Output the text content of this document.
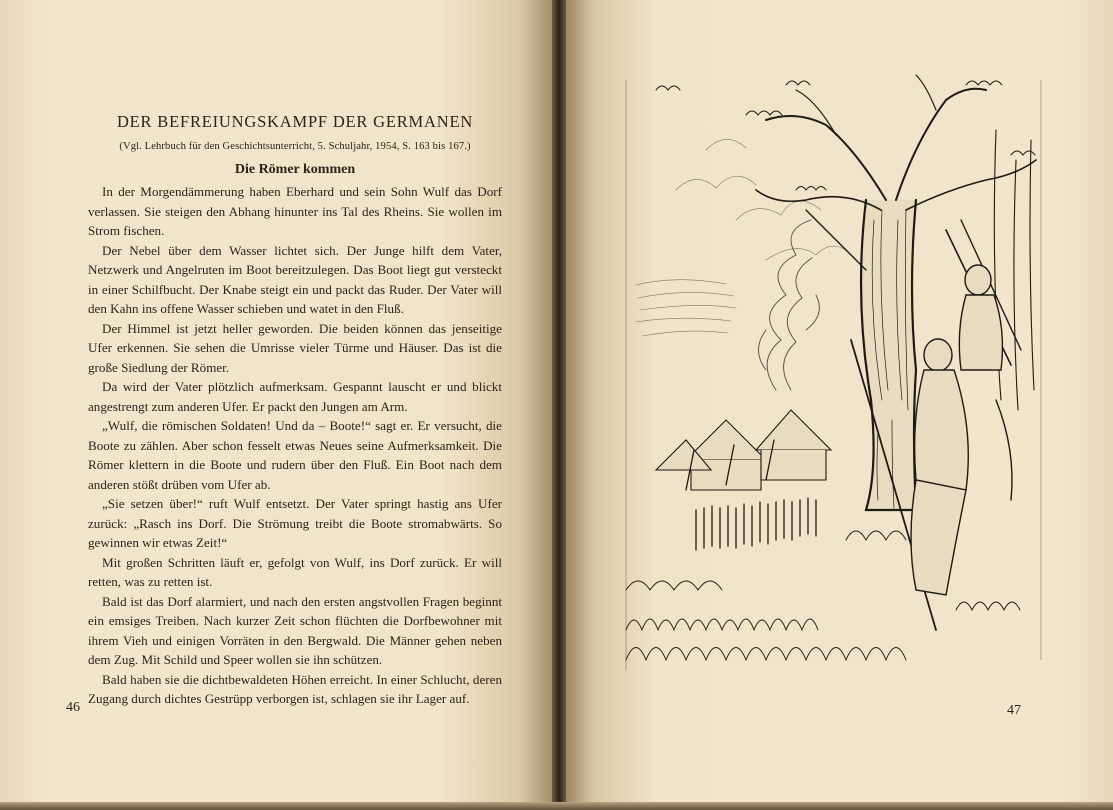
DER BEFREIUNGSKAMPF DER GERMANEN
(Vgl. Lehrbuch für den Geschichtsunterricht, 5. Schuljahr, 1954, S. 163 bis 167.)
Die Römer kommen

In der Morgendämmerung haben Eberhard und sein Sohn Wulf das Dorf verlassen. Sie steigen den Abhang hinunter ins Tal des Rheins. Sie wollen im Strom fischen.

Der Nebel über dem Wasser lichtet sich. Der Junge hilft dem Vater, Netzwerk und Angelruten im Boot bereitzulegen. Das Boot liegt gut versteckt in einer Schilfbucht. Der Knabe steigt ein und packt das Ruder. Der Vater will den Kahn ins offene Wasser schieben und watet in den Fluß.

Der Himmel ist jetzt heller geworden. Die beiden können das jenseitige Ufer erkennen. Sie sehen die Umrisse vieler Türme und Häuser. Das ist die große Siedlung der Römer.

Da wird der Vater plötzlich aufmerksam. Gespannt lauscht er und blickt angestrengt zum anderen Ufer. Er packt den Jungen am Arm.

„Wulf, die römischen Soldaten! Und da – Boote!“ sagt er. Er versucht, die Boote zu zählen. Aber schon fesselt etwas Neues seine Aufmerksamkeit. Die Römer klettern in die Boote und rudern über den Fluß. Ein Boot nach dem anderen stößt drüben vom Ufer ab.

„Sie setzen über!“ ruft Wulf entsetzt. Der Vater springt hastig ans Ufer zurück: „Rasch ins Dorf. Die Strömung treibt die Boote stromabwärts. So gewinnen wir etwas Zeit!“

Mit großen Schritten läuft er, gefolgt von Wulf, ins Dorf zurück. Er will retten, was zu retten ist.

Bald ist das Dorf alarmiert, und nach den ersten angstvollen Fragen beginnt ein emsiges Treiben. Nach kurzer Zeit schon flüchten die Dorfbewohner mit ihrem Vieh und einigen Vorräten in den Bergwald. Die Männer gehen neben dem Zug. Mit Schild und Speer wollen sie ihn schützen.

Bald haben sie die dichtbewaldeten Höhen erreicht. In einer Schlucht, deren Zugang durch dichtes Gestrüpp verborgen ist, schlagen sie ihr Lager auf.

46	47
